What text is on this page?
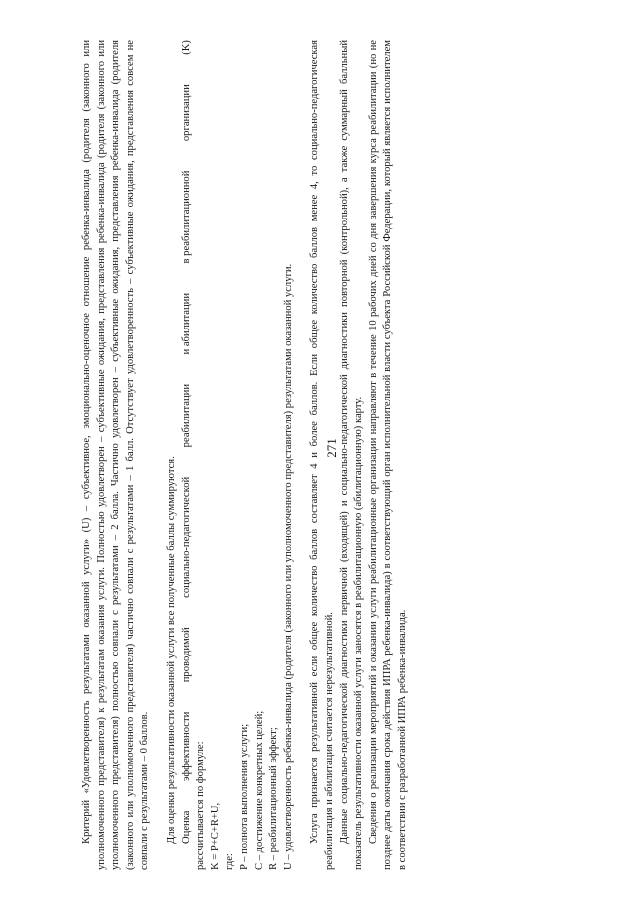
271

Критерий «Удовлетворенность результатами оказанной услуги» (U) – субъективное, эмоционально-оценочное отношение ребенка-инвалида (родителя (законного или уполномоченного представителя) к результатам оказания услуги. Полностью удовлетворен – субъективные ожидания, представления ребенка-инвалида (родителя (законного или уполномоченного представителя) полностью совпали с результатами – 2 балла. Частично удовлетворен – субъективные ожидания, представления ребенка-инвалида (родителя (законного или уполномоченного представителя) частично совпали с результатами – 1 балл. Отсутствует удовлетворенность – субъективные ожидания, представления совсем не совпали с результатами – 0 баллов. Для оценки результативности оказанной услуги все полученные баллы суммируются. Оценка
эффективности
проводимой
социально-педагогической
реабилитации
и абилитации
в реабилитационной
организации
(K)

рассчитывается по формуле: K = P+C+R+U, где: P – полнота выполнения услуги; C – достижение конкретных целей; R – реабилитационный эффект; U – удовлетворенность ребенка-инвалида (родителя (законного или уполномоченного представителя) результатами оказанной услуги. Услуга признается результативной если общее количество баллов составляет 4 и более баллов. Если общее количество баллов менее 4, то социально-педагогическая реабилитация и абилитация считается нерезультативной. Данные социально-педагогической диагностики первичной (входящей) и социально-педагогической диагностики повторной (контрольной), а также суммарный балльный показатель результативности оказанной услуги заносятся в реабилитационную (абилитационную) карту. Сведения о реализации мероприятий и оказании услуги реабилитационные организации направляют в течение 10 рабочих дней со дня завершения курса реабилитации (но не позднее даты окончания срока действия ИПРА ребенка-инвалида) в соответствующий орган исполнительной власти субъекта Российской Федерации, который является исполнителем в соответствии с разработанной ИПРА ребенка-инвалида.
